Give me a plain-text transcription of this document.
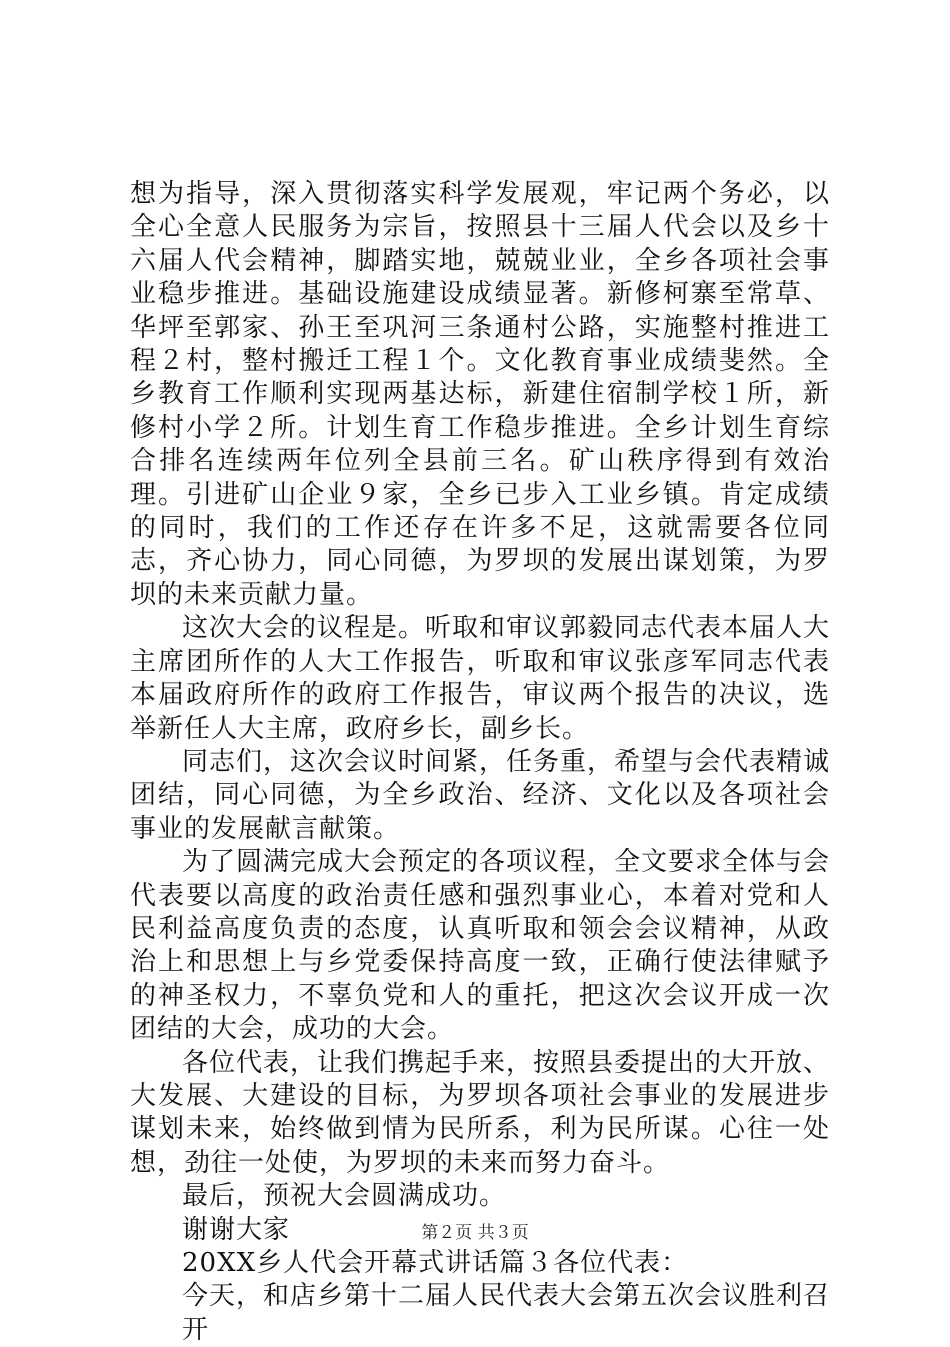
想为指导，深入贯彻落实科学发展观，牢记两个务必，以全心全意人民服务为宗旨，按照县十三届人代会以及乡十六届人代会精神，脚踏实地，兢兢业业，全乡各项社会事业稳步推进。基础设施建设成绩显著。新修柯寨至常草、华坪至郭家、孙王至巩河三条通村公路，实施整村推进工程２村，整村搬迁工程１个。文化教育事业成绩斐然。全乡教育工作顺利实现两基达标，新建住宿制学校１所，新修村小学２所。计划生育工作稳步推进。全乡计划生育综合排名连续两年位列全县前三名。矿山秩序得到有效治理。引进矿山企业９家，全乡已步入工业乡镇。肯定成绩的同时，我们的工作还存在许多不足，这就需要各位同志，齐心协力，同心同德，为罗坝的发展出谋划策，为罗坝的未来贡献力量。

这次大会的议程是。听取和审议郭毅同志代表本届人大主席团所作的人大工作报告，听取和审议张彦军同志代表本届政府所作的政府工作报告，审议两个报告的决议，选举新任人大主席，政府乡长，副乡长。

同志们，这次会议时间紧，任务重，希望与会代表精诚团结，同心同德，为全乡政治、经济、文化以及各项社会事业的发展献言献策。

为了圆满完成大会预定的各项议程，全文要求全体与会代表要以高度的政治责任感和强烈事业心，本着对党和人民利益高度负责的态度，认真听取和领会会议精神，从政治上和思想上与乡党委保持高度一致，正确行使法律赋予的神圣权力，不辜负党和人的重托，把这次会议开成一次团结的大会，成功的大会。

各位代表，让我们携起手来，按照县委提出的大开放、大发展、大建设的目标，为罗坝各项社会事业的发展进步谋划未来，始终做到情为民所系，利为民所谋。心往一处想，劲往一处使，为罗坝的未来而努力奋斗。

最后，预祝大会圆满成功。

谢谢大家

20XX乡人代会开幕式讲话篇３各位代表：

今天，和店乡第十二届人民代表大会第五次会议胜利召开

第２页 共３页
